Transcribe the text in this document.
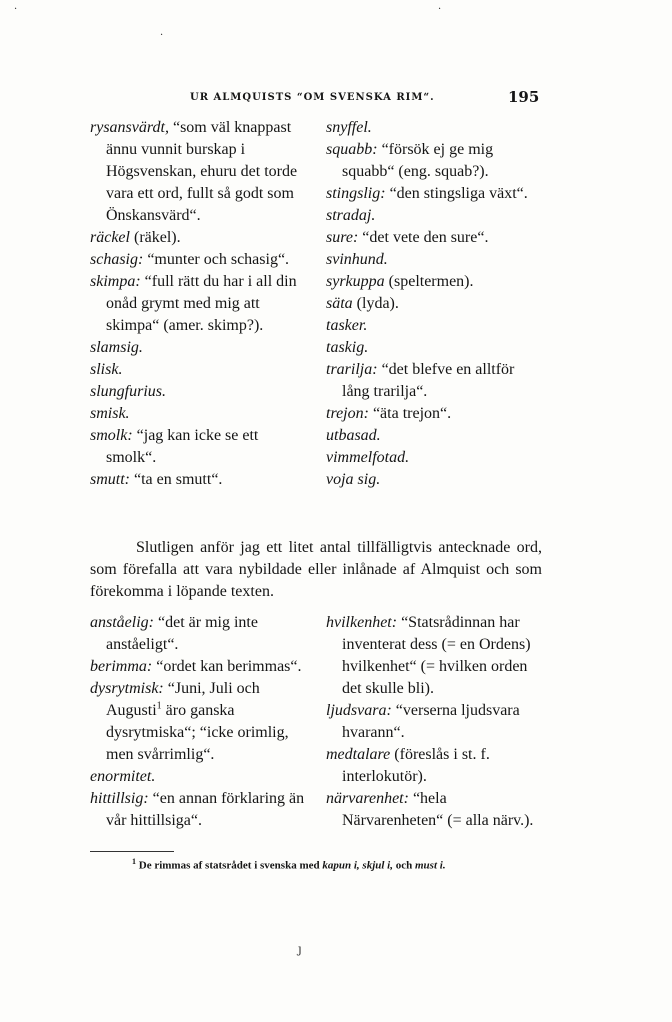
·	·
·
ȷ
UR ALMQUISTS “OM SVENSKA RIM“.	195
rysansvärdt, “som väl knappast ännu vunnit burskap i Högsvenskan, ehuru det torde vara ett ord, fullt så godt som Önskansvärd“.
räckel (räkel).
schasig: “munter och schasig“.
skimpa: “full rätt du har i all din onåd grymt med mig att skimpa“ (amer. skimp?).
slamsig.
slisk.
slungfurius.
smisk.
smolk: “jag kan icke se ett smolk“.
smutt: “ta en smutt“.
snyffel.
squabb: “försök ej ge mig squabb“ (eng. squab?).
stingslig: “den stingsliga växt“.
stradaj.
sure: “det vete den sure“.
svinhund.
syrkuppa (speltermen).
säta (lyda).
tasker.
taskig.
trarilja: “det blefve en alltför lång trarilja“.
trejon: “äta trejon“.
utbasad.
vimmelfotad.
voja sig.

Slutligen anför jag ett litet antal tillfälligtvis antecknade ord, som förefalla att vara nybildade eller inlånade af Almquist och som förekomma i löpande texten.

anståelig: “det är mig inte anståeligt“.
berimma: “ordet kan berimmas“.
dysrytmisk: “Juni, Juli och Augusti$^1$ äro ganska dysrytmiska“; “icke orimlig, men svårrimlig“.
enormitet.
hittillsig: “en annan förklaring än vår hittillsiga“.
hvilkenhet: “Statsrådinnan har inventerat dess (= en Ordens) hvilkenhet“ (= hvilken orden det skulle bli).
ljudsvara: “verserna ljudsvara hvarann“.
medtalare (föreslås i st. f. interlokutör).
närvarenhet: “hela Närvarenheten“ (= alla närv.).
$^1$ De rimmas af statsrådet i svenska med kapun i, skjul i, och must i.
